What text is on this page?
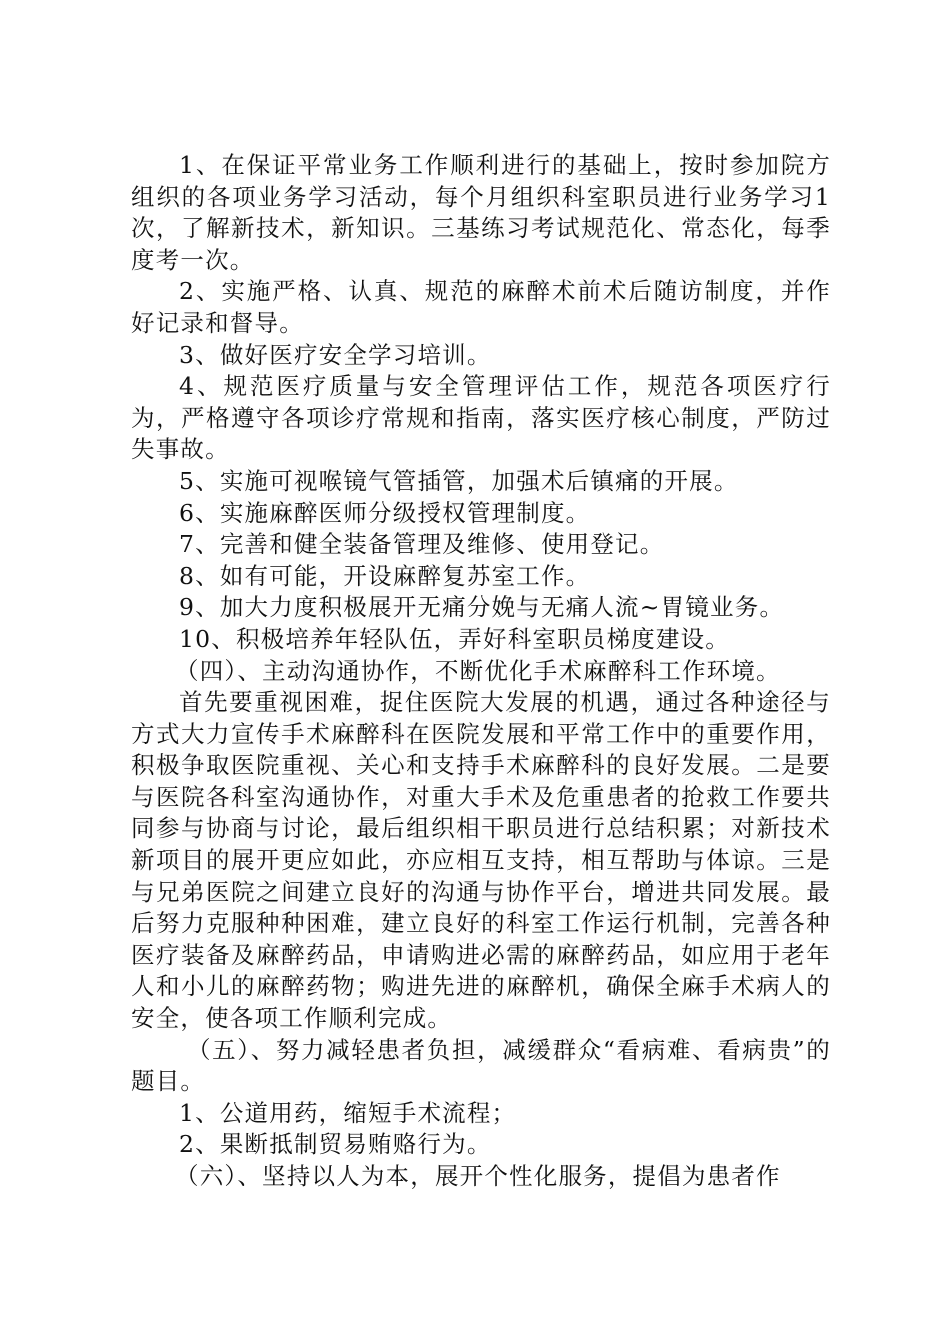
1、在保证平常业务工作顺利进行的基础上，按时参加院方组织的各项业务学习活动，每个月组织科室职员进行业务学习1次，了解新技术，新知识。三基练习考试规范化、常态化，每季度考一次。

2、实施严格、认真、规范的麻醉术前术后随访制度，并作好记录和督导。

3、做好医疗安全学习培训。

4、规范医疗质量与安全管理评估工作，规范各项医疗行为，严格遵守各项诊疗常规和指南，落实医疗核心制度，严防过失事故。

5、实施可视喉镜气管插管，加强术后镇痛的开展。

6、实施麻醉医师分级授权管理制度。

7、完善和健全装备管理及维修、使用登记。

8、如有可能，开设麻醉复苏室工作。

9、加大力度积极展开无痛分娩与无痛人流~胃镜业务。

10、积极培养年轻队伍，弄好科室职员梯度建设。

（四）、主动沟通协作，不断优化手术麻醉科工作环境。

首先要重视困难，捉住医院大发展的机遇，通过各种途径与方式大力宣传手术麻醉科在医院发展和平常工作中的重要作用，积极争取医院重视、关心和支持手术麻醉科的良好发展。二是要与医院各科室沟通协作，对重大手术及危重患者的抢救工作要共同参与协商与讨论，最后组织相干职员进行总结积累；对新技术新项目的展开更应如此，亦应相互支持，相互帮助与体谅。三是与兄弟医院之间建立良好的沟通与协作平台，增进共同发展。最后努力克服种种困难，建立良好的科室工作运行机制，完善各种医疗装备及麻醉药品，申请购进必需的麻醉药品，如应用于老年人和小儿的麻醉药物；购进先进的麻醉机，确保全麻手术病人的安全，使各项工作顺利完成。

（五）、努力减轻患者负担，减缓群众“看病难、看病贵”的题目。

1、公道用药，缩短手术流程；

2、果断抵制贸易贿赂行为。

（六）、坚持以人为本，展开个性化服务，提倡为患者作
